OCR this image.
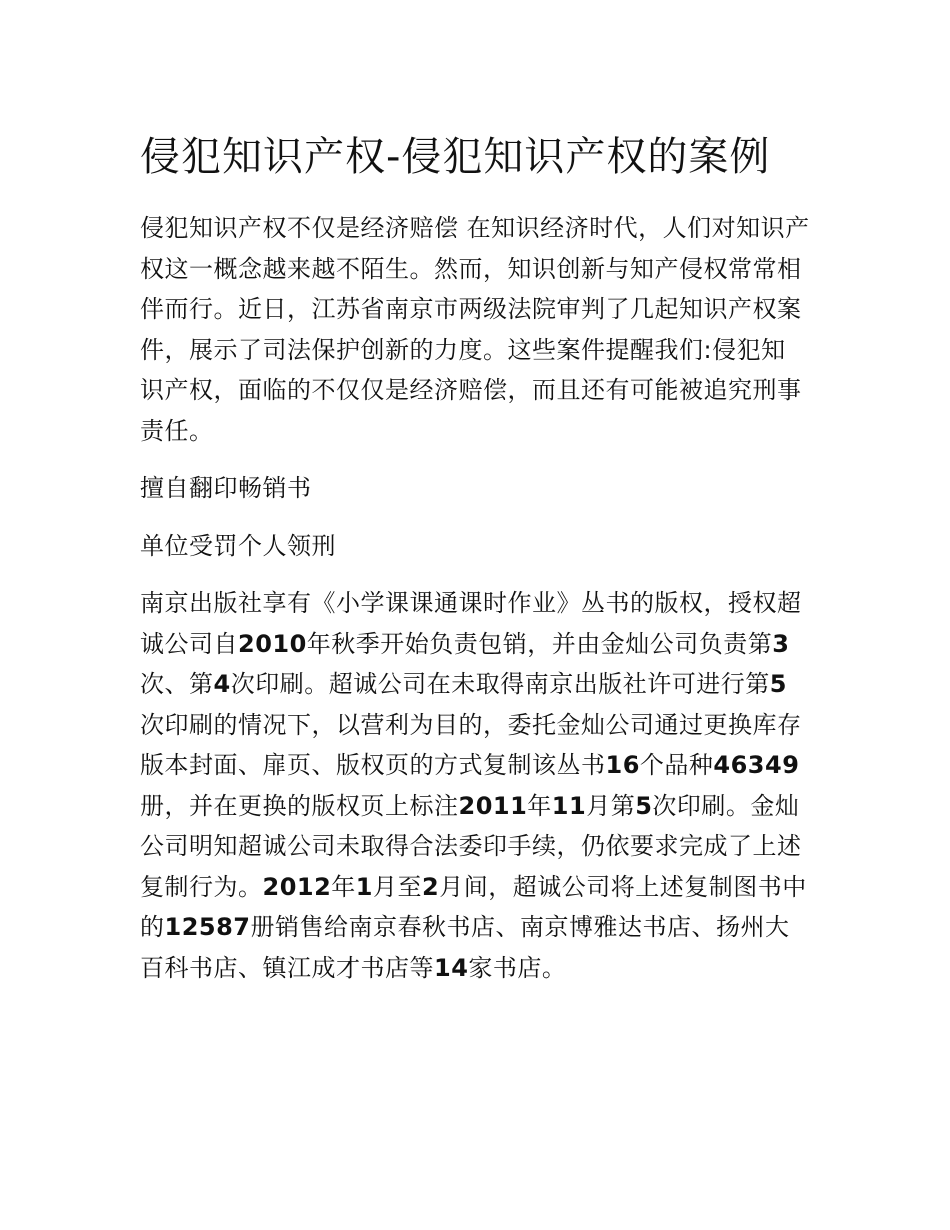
侵犯知识产权-侵犯知识产权的案例

侵犯知识产权不仅是经济赔偿 在知识经济时代，人们对知识产权这一概念越来越不陌生。然而，知识创新与知产侵权常常相伴而行。近日，江苏省南京市两级法院审判了几起知识产权案件，展示了司法保护创新的力度。这些案件提醒我们:侵犯知识产权，面临的不仅仅是经济赔偿，而且还有可能被追究刑事责任。

擅自翻印畅销书

单位受罚个人领刑

南京出版社享有《小学课课通课时作业》丛书的版权，授权超诚公司自2010年秋季开始负责包销，并由金灿公司负责第3次、第4次印刷。超诚公司在未取得南京出版社许可进行第5次印刷的情况下，以营利为目的，委托金灿公司通过更换库存版本封面、扉页、版权页的方式复制该丛书16个品种46349册，并在更换的版权页上标注2011年11月第5次印刷。金灿公司明知超诚公司未取得合法委印手续，仍依要求完成了上述复制行为。2012年1月至2月间，超诚公司将上述复制图书中的12587册销售给南京春秋书店、南京博雅达书店、扬州大百科书店、镇江成才书店等14家书店。
